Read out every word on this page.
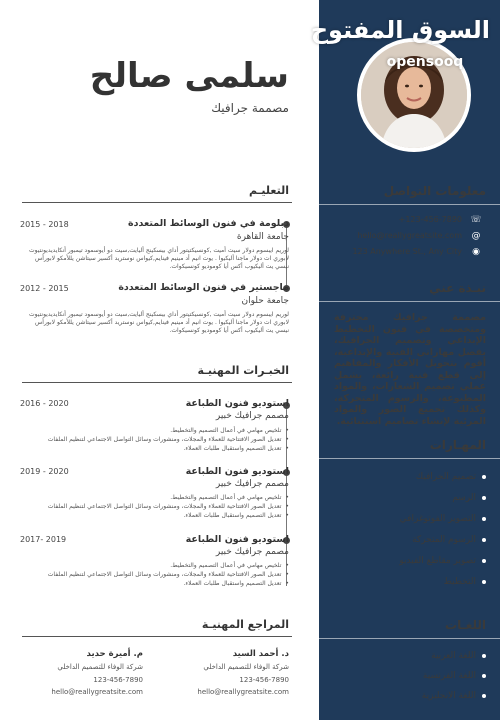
سلمى صالح
مصممة جرافيك
التعليـم
دبلومة في فنون الوسائط المتعددة
2015 - 2018
جامعة القاهرة
لوريم ايبسوم دولار سيت أميت ,كونسيكتيتور أداي بيسكينج أليايت,سيت دو أيوسمود تيمبور أنكايديديونتيوت لابوري ات دولار ماجنا أليكيوا . يوت انيم أد مينيم فينايم,كيواس نوستريد أكسير سيتاشن يللأمكو لابورأس نيسي يت أليكيوب أكس أيا كوموديو كونسيكوات.
ماجستير في فنون الوسائط المتعددة
2012 - 2015
جامعة حلوان
لوريم ايبسوم دولار سيت أميت ,كونسيكتيتور أداي بيسكينج أليايت,سيت دو أيوسمود تيمبور أنكايديديونتيوت لابوري ات دولار ماجنا أليكيوا . يوت انيم أد مينيم فينايم,كيواس نوستريد أكسير سيتاشن يللأمكو لابورأس نيسي يت أليكيوب أكس أيا كوموديو كونسيكوات.
الخبـرات المهنيـة
استوديو فنون الطباعة
2016 - 2020
مصمم جرافيك خبير
• تلخيص مهامي في أعمال التصميم والتخطيط.
• تعديل الصور الافتتاحية للعملاء والمجلات، ومنشورات وسائل التواصل الاجتماعي لتنظيم الملفات
• تعديل التصميم واستقبال طلبات العملاء.
استوديو فنون الطباعة
2019 - 2020
مصمم جرافيك خبير
• تلخيص مهامي في أعمال التصميم والتخطيط.
• تعديل الصور الافتتاحية للعملاء والمجلات، ومنشورات وسائل التواصل الاجتماعي لتنظيم الملفات
• تعديل التصميم واستقبال طلبات العملاء.
استوديو فنون الطباعة
2017- 2019
مصمم جرافيك خبير
• تلخيص مهامي في أعمال التصميم والتخطيط.
• تعديل الصور الافتتاحية للعملاء والمجلات، ومنشورات وسائل التواصل الاجتماعي لتنظيم الملفات
• تعديل التصميم واستقبال طلبات العملاء.
المراجع المهنيـة
د. أحمد السيد
شركة الوفاء للتصميم الداخلي
123-456-7890
hello@reallygreatsite.com
م. أميرة حديد
شركة الوفاء للتصميم الداخلي
123-456-7890
hello@reallygreatsite.com
السوق المفتوح
opensooq
معلومات التواصل
+123-456-7890 ☏
hello@reallygreatsite.com @
123 Anywhere St., Any City ◉
نبـذة عني
مصممة جرافيك محترفة ومتخصصة في فنون التخطيط الإبداعي وتصميم الجرافيك، بفضل مهاراتي الفنية والإبداعية، أقوم بتحويل الأفكار والمفاهيم إلى قطع فنية رائعة، يشمل عملي تصميم الشعارات، والمواد المطبوعة، والرسوم المتحركة، وكذلك تجميع الصور والمواد المرئية لإنشاء تصاميم استثنائية.
المهـارات
تصميم الجرافيك
الرسم
التصوير الفوتوغرافي
الرسوم المتحركة
تصوير مقاطع الفيديو
التخطيط
اللغـات
اللغة العربية
اللغة الفرنسية
اللغة الانجليزية
